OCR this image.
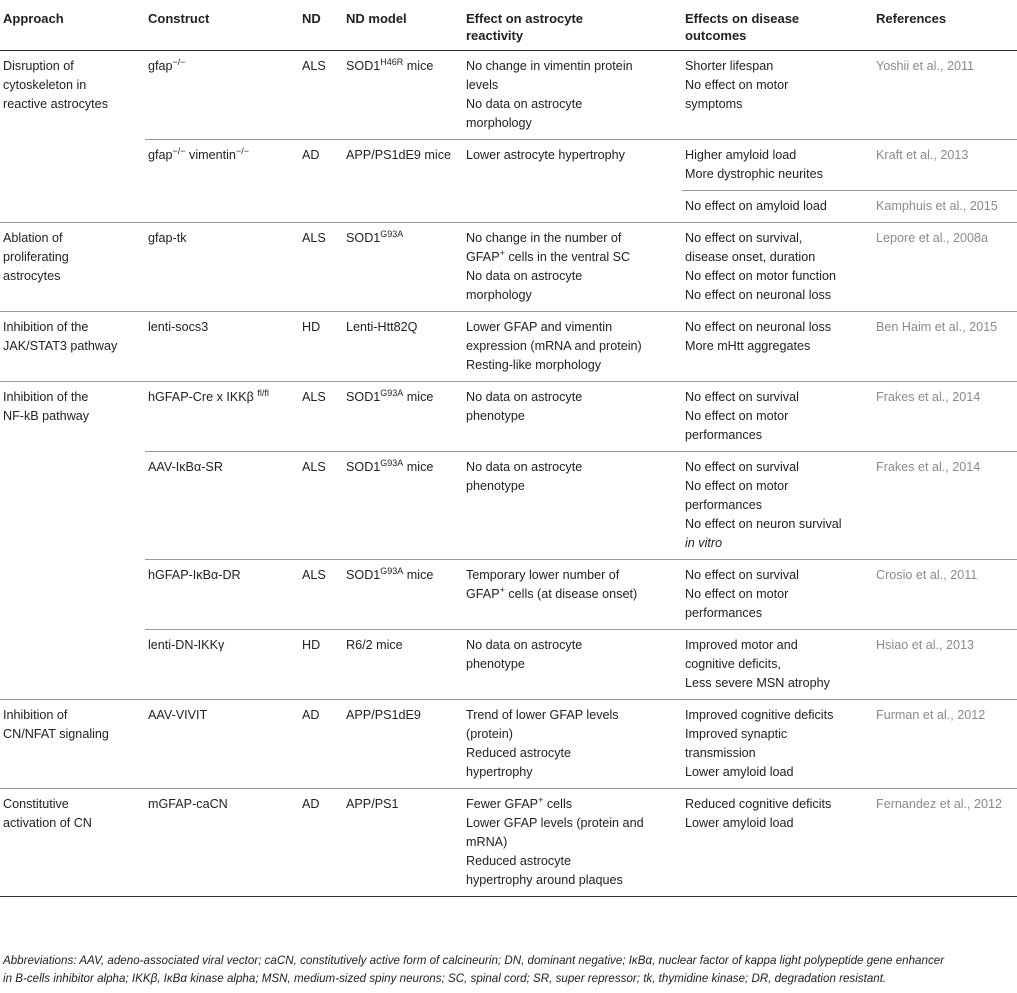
Approach	Construct	ND	ND model	Effect on astrocyte
reactivity	Effects on disease
outcomes	References

Disruption of
cytoskeleton in
reactive astrocytes	gfap−/−	ALS	$SOD1^{H46R}$ mice	No change in vimentin protein
levels
No data on astrocyte
morphology	Shorter lifespan
No effect on motor
symptoms	Yoshii et al., 2011
	gfap−/− vimentin−/−	AD	APP/PS1dE9 mice	Lower astrocyte hypertrophy	Higher amyloid load
More dystrophic neurites	Kraft et al., 2013

					No effect on amyloid load	Kamphuis et al., 2015

Ablation of
proliferating
astrocytes	gfap-tk	ALS	$SOD1^{G93A}$	No change in the number of
GFAP+ cells in the ventral SC
No data on astrocyte
morphology	No effect on survival,
disease onset, duration
No effect on motor function
No effect on neuronal loss	Lepore et al., 2008a

Inhibition of the
JAK/STAT3 pathway	lenti-socs3	HD	Lenti-Htt82Q	Lower GFAP and vimentin
expression (mRNA and protein)
Resting-like morphology	No effect on neuronal loss
More mHtt aggregates	Ben Haim et al., 2015

Inhibition of the
NF-kB pathway	hGFAP-Cre x IKKβ $^{fl/fl}$	ALS	$SOD1^{G93A}$ mice	No data on astrocyte
phenotype	No effect on survival
No effect on motor
performances	Frakes et al., 2014
	AAV-IκBα-SR	ALS	$SOD1^{G93A}$ mice	No data on astrocyte
phenotype	No effect on survival
No effect on motor
performances
No effect on neuron survival
in vitro	Frakes et al., 2014
	hGFAP-IκBα-DR	ALS	$SOD1^{G93A}$ mice	Temporary lower number of
GFAP+ cells (at disease onset)	No effect on survival
No effect on motor
performances	Crosio et al., 2011
	lenti-DN-IKKγ	HD	R6/2 mice	No data on astrocyte
phenotype	Improved motor and
cognitive deficits,
Less severe MSN atrophy	Hsiao et al., 2013

Inhibition of
CN/NFAT signaling	AAV-VIVIT	AD	APP/PS1dE9	Trend of lower GFAP levels
(protein)
Reduced astrocyte
hypertrophy	Improved cognitive deficits
Improved synaptic
transmission
Lower amyloid load	Furman et al., 2012

Constitutive
activation of CN	mGFAP-caCN	AD	APP/PS1	Fewer GFAP+ cells
Lower GFAP levels (protein and
mRNA)
Reduced astrocyte
hypertrophy around plaques	Reduced cognitive deficits
Lower amyloid load	Fernandez et al., 2012
Abbreviations: AAV, adeno-associated viral vector; caCN, constitutively active form of calcineurin; DN, dominant negative; IκBα, nuclear factor of kappa light polypeptide gene enhancer
in B-cells inhibitor alpha; IKKβ, IκBα kinase alpha; MSN, medium-sized spiny neurons; SC, spinal cord; SR, super repressor; tk, thymidine kinase; DR, degradation resistant.
